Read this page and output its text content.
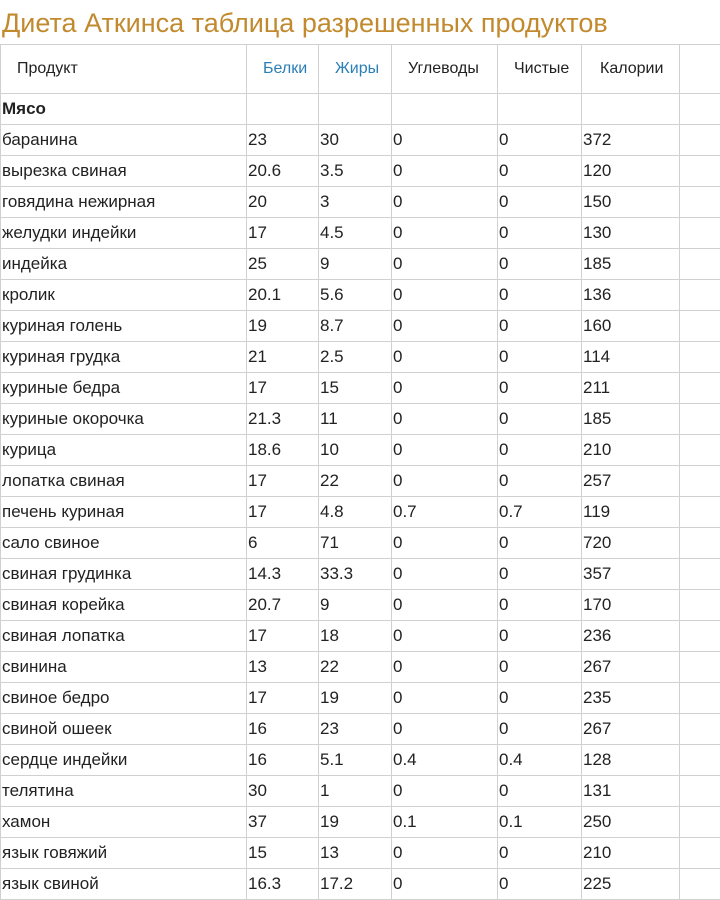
Диета Аткинса таблица разрешенных продуктов
Продукт	Белки	Жиры	Углеводы	Чистые	Калории	
Мясо						
баранина	23	30	0	0	372	
вырезка свиная	20.6	3.5	0	0	120	
говядина нежирная	20	3	0	0	150	
желудки индейки	17	4.5	0	0	130	
индейка	25	9	0	0	185	
кролик	20.1	5.6	0	0	136	
куриная голень	19	8.7	0	0	160	
куриная грудка	21	2.5	0	0	114	
куриные бедра	17	15	0	0	211	
куриные окорочка	21.3	11	0	0	185	
курица	18.6	10	0	0	210	
лопатка свиная	17	22	0	0	257	
печень куриная	17	4.8	0.7	0.7	119	
сало свиное	6	71	0	0	720	
свиная грудинка	14.3	33.3	0	0	357	
свиная корейка	20.7	9	0	0	170	
свиная лопатка	17	18	0	0	236	
свинина	13	22	0	0	267	
свиное бедро	17	19	0	0	235	
свиной ошеек	16	23	0	0	267	
сердце индейки	16	5.1	0.4	0.4	128	
телятина	30	1	0	0	131	
хамон	37	19	0.1	0.1	250	
язык говяжий	15	13	0	0	210	
язык свиной	16.3	17.2	0	0	225	
